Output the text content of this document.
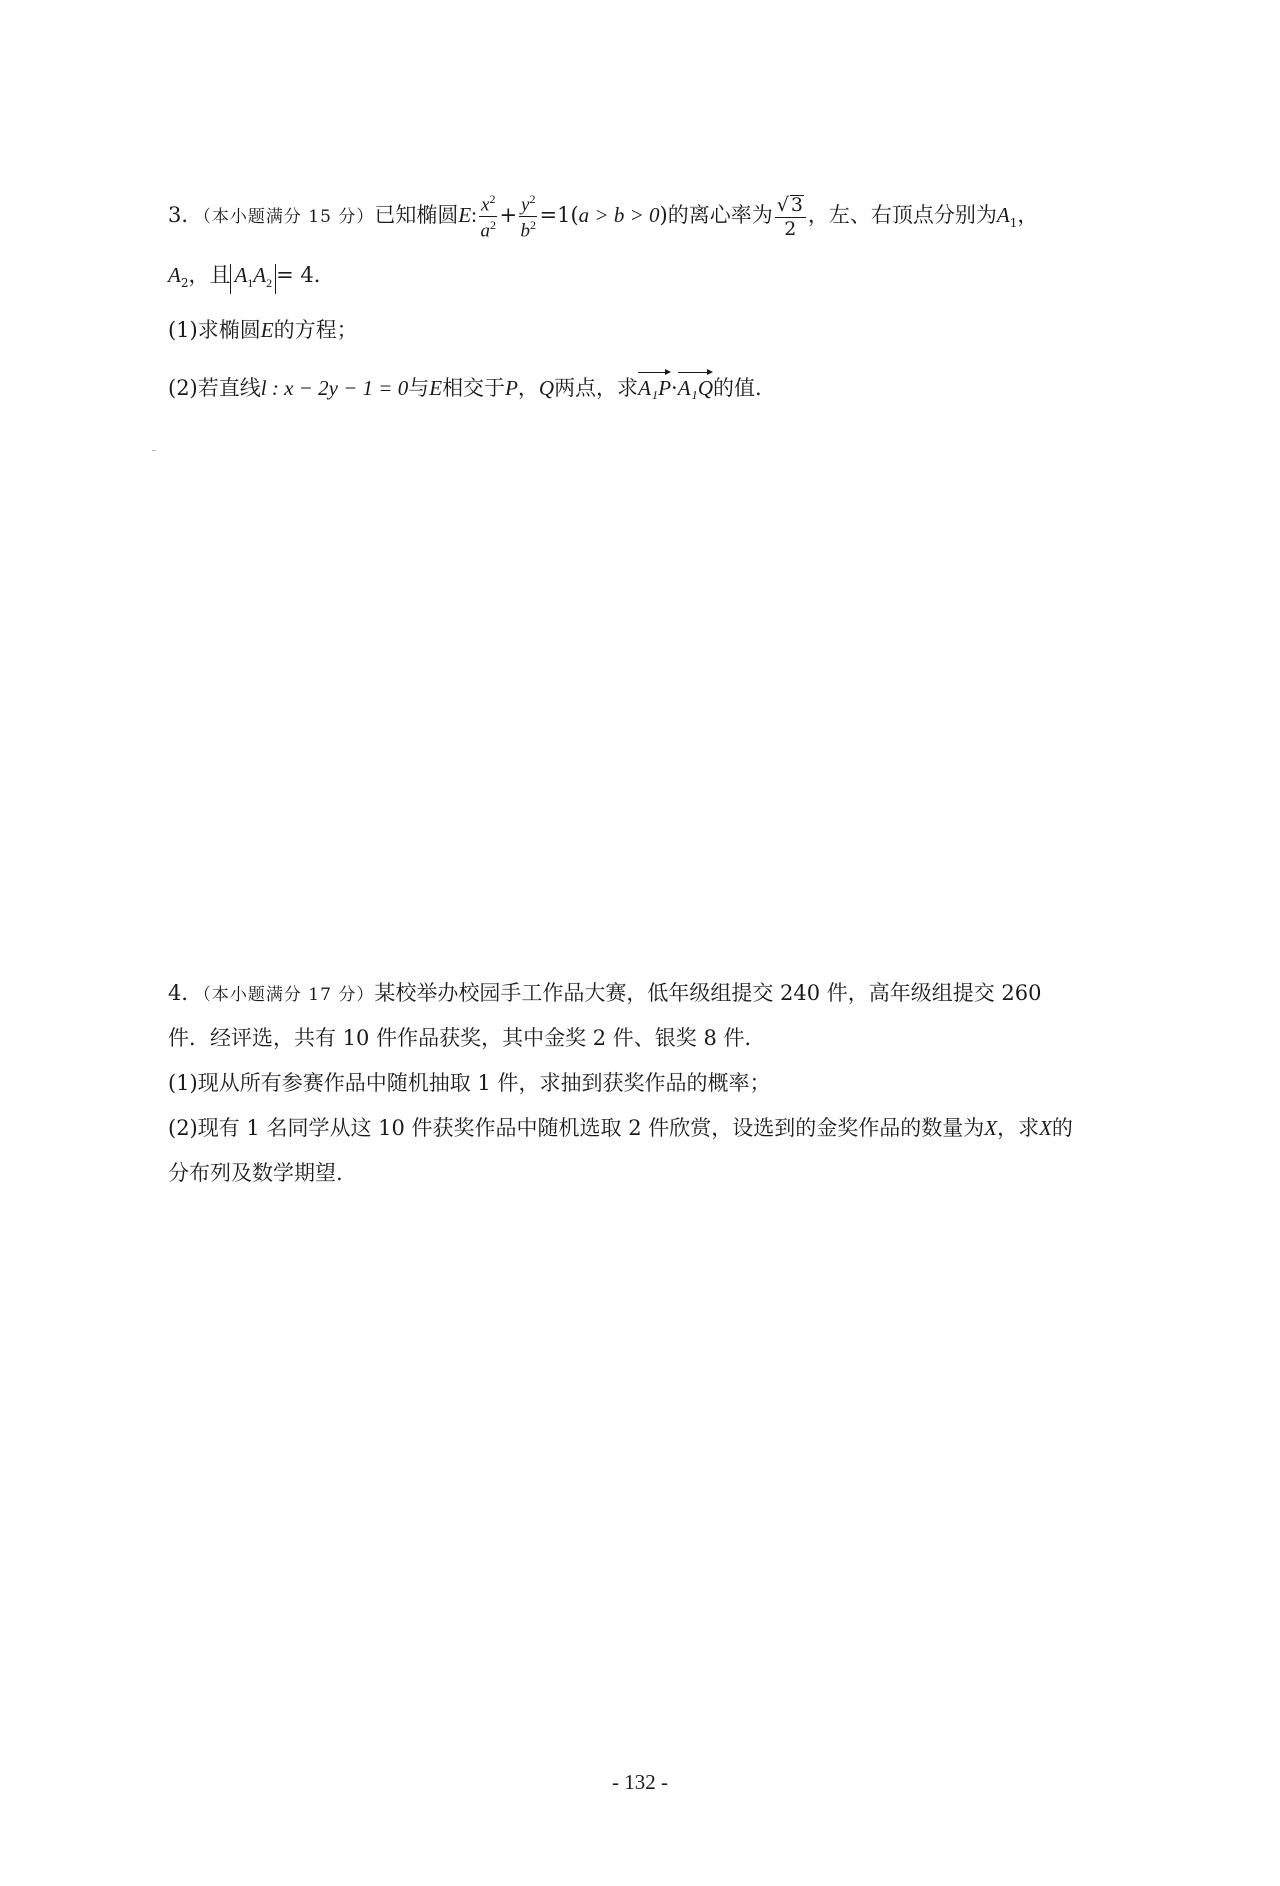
3．（本小题满分 15 分）已知椭圆E: $\frac{x^2}{a^2} + \frac{y^2}{b^2} =1(a > b > 0)$的离心率为 $\frac{√ 3}{2}$ ，左、右顶点分别为$A_1$，
$A_2$，且 $A_1A_2 = 4$．
(1)求椭圆E的方程；
(2)若直线l : x − 2y − 1 = 0与E相交于P，Q两点，求A₁P·A₁Q的值.
4．（本小题满分 17 分）某校举办校园手工作品大赛，低年级组提交 240 件，高年级组提交 260
件．经评选，共有 10 件作品获奖，其中金奖 2 件、银奖 8 件．
(1)现从所有参赛作品中随机抽取 1 件，求抽到获奖作品的概率；
(2)现有 1 名同学从这 10 件获奖作品中随机选取 2 件欣赏，设选到的金奖作品的数量为X，求X的
分布列及数学期望.
- 132 -
